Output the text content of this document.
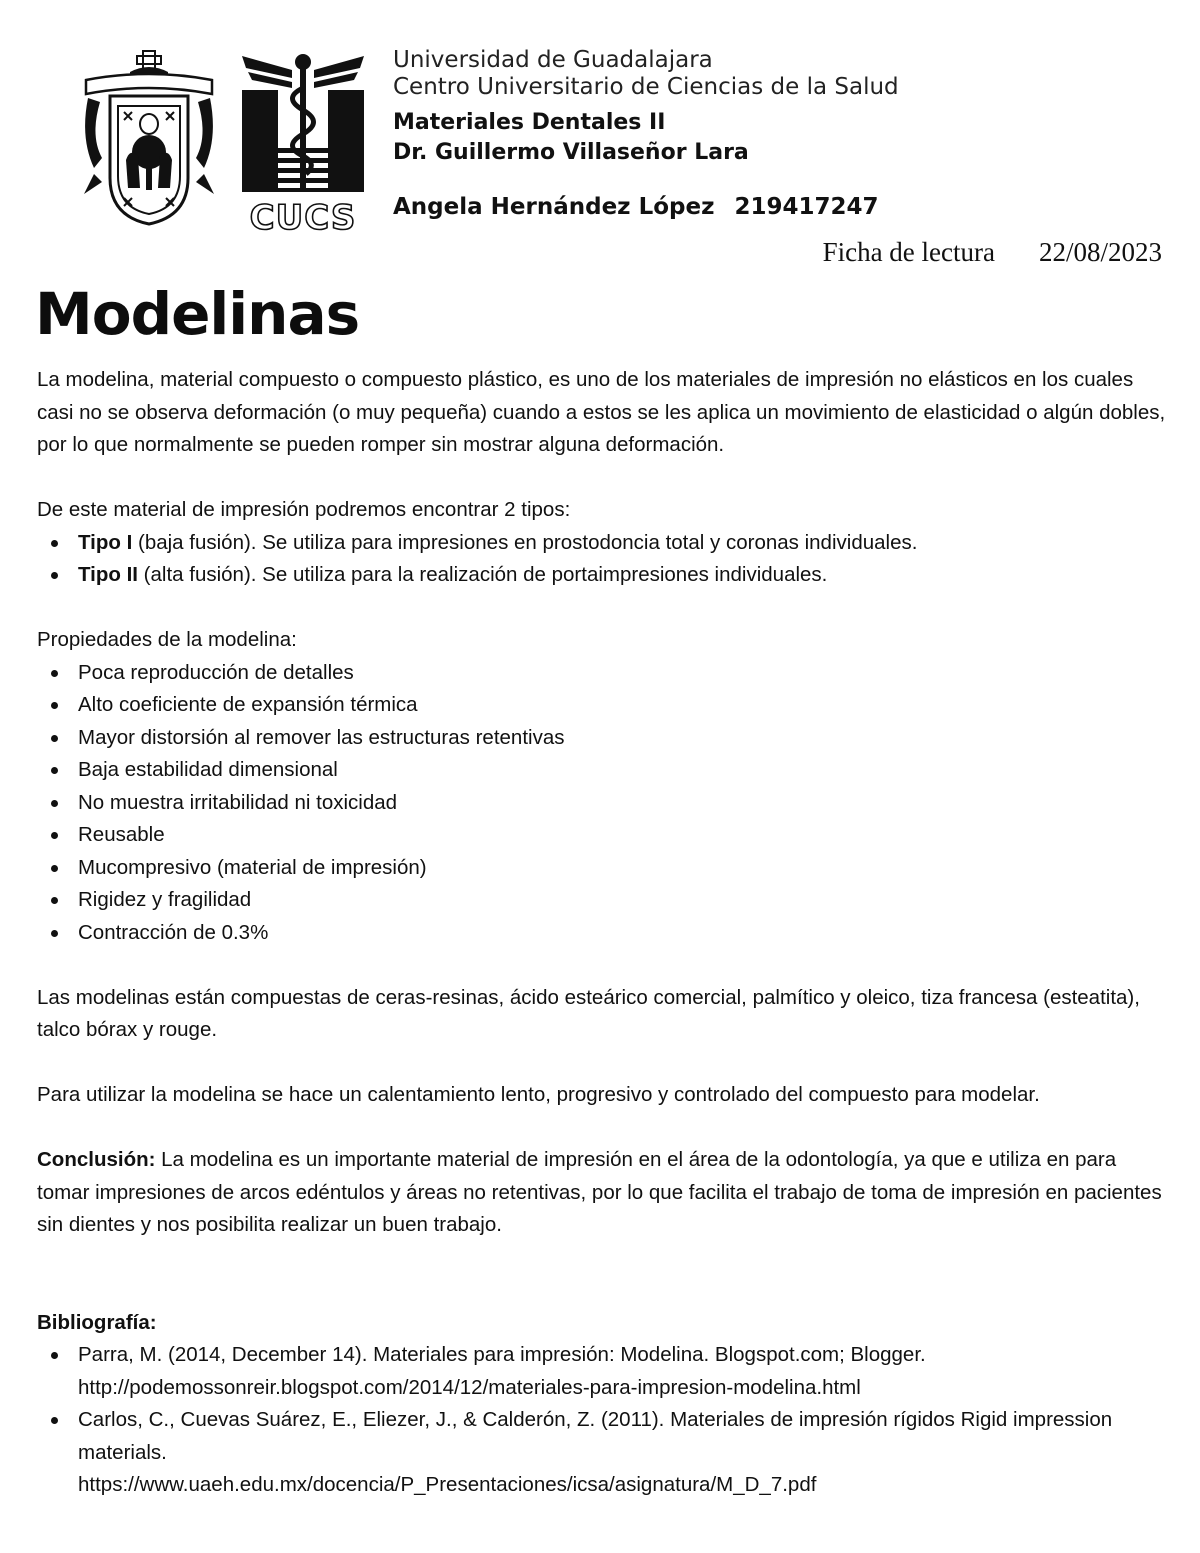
CUCS
Universidad de Guadalajara
Centro Universitario de Ciencias de la Salud
Materiales Dentales II
Dr. Guillermo Villaseñor Lara
Angela Hernández López 219417247
Ficha de lectura 22/08/2023
Modelinas

La modelina, material compuesto o compuesto plástico, es uno de los materiales de impresión no elásticos en los cuales casi no se observa deformación (o muy pequeña) cuando a estos se les aplica un movimiento de elasticidad o algún dobles, por lo que normalmente se pueden romper sin mostrar alguna deformación.

De este material de impresión podremos encontrar 2 tipos:

Tipo I (baja fusión). Se utiliza para impresiones en prostodoncia total y coronas individuales.
Tipo II (alta fusión). Se utiliza para la realización de portaimpresiones individuales.

Propiedades de la modelina:

Poca reproducción de detalles
Alto coeficiente de expansión térmica
Mayor distorsión al remover las estructuras retentivas
Baja estabilidad dimensional
No muestra irritabilidad ni toxicidad
Reusable
Mucompresivo (material de impresión)
Rigidez y fragilidad
Contracción de 0.3%

Las modelinas están compuestas de ceras-resinas, ácido esteárico comercial, palmítico y oleico, tiza francesa (esteatita), talco bórax y rouge.

Para utilizar la modelina se hace un calentamiento lento, progresivo y controlado del compuesto para modelar.

Conclusión: La modelina es un importante material de impresión en el área de la odontología, ya que e utiliza en para tomar impresiones de arcos edéntulos y áreas no retentivas, por lo que facilita el trabajo de toma de impresión en pacientes sin dientes y nos posibilita realizar un buen trabajo.

Bibliografía:

Parra, M. (2014, December 14). Materiales para impresión: Modelina. Blogspot.com; Blogger.
http://podemossonreir.blogspot.com/2014/12/materiales-para-impresion-modelina.html
Carlos, C., Cuevas Suárez, E., Eliezer, J., & Calderón, Z. (2011). Materiales de impresión rígidos Rigid impression materials.
https://www.uaeh.edu.mx/docencia/P_Presentaciones/icsa/asignatura/M_D_7.pdf
